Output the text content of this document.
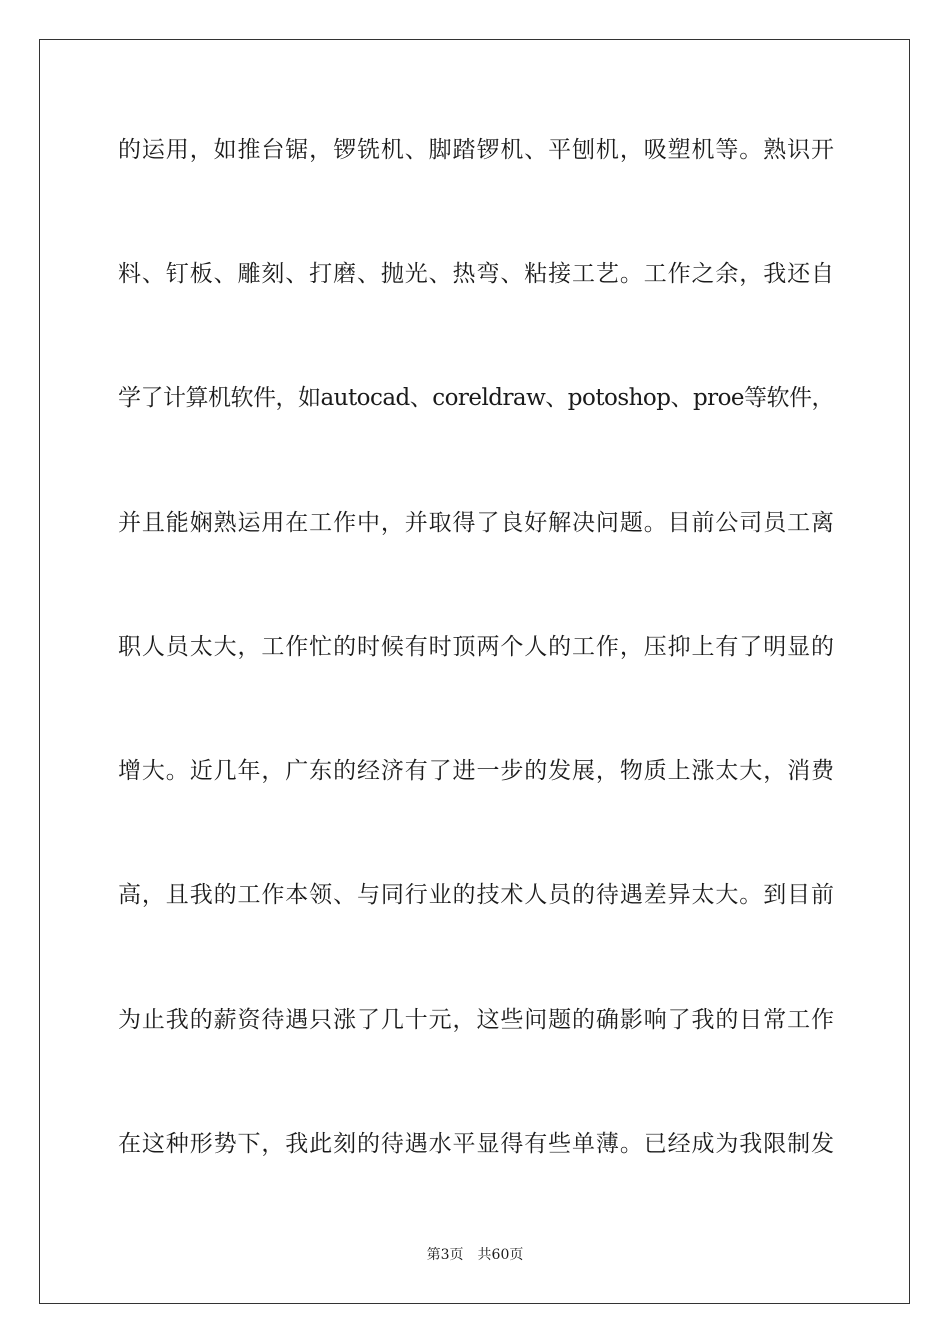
的运用，如推台锯，锣铣机、脚踏锣机、平刨机，吸塑机等。熟识开
料、钉板、雕刻、打磨、抛光、热弯、粘接工艺。工作之余，我还自
学了计算机软件，如autocad、coreldraw、potoshop、proe等软件，
并且能娴熟运用在工作中，并取得了良好解决问题。目前公司员工离
职人员太大，工作忙的时候有时顶两个人的工作，压抑上有了明显的
增大。近几年，广东的经济有了进一步的发展，物质上涨太大，消费
高，且我的工作本领、与同行业的技术人员的待遇差异太大。到目前
为止我的薪资待遇只涨了几十元，这些问题的确影响了我的日常工作
在这种形势下，我此刻的待遇水平显得有些单薄。已经成为我限制发
第3页 共60页
